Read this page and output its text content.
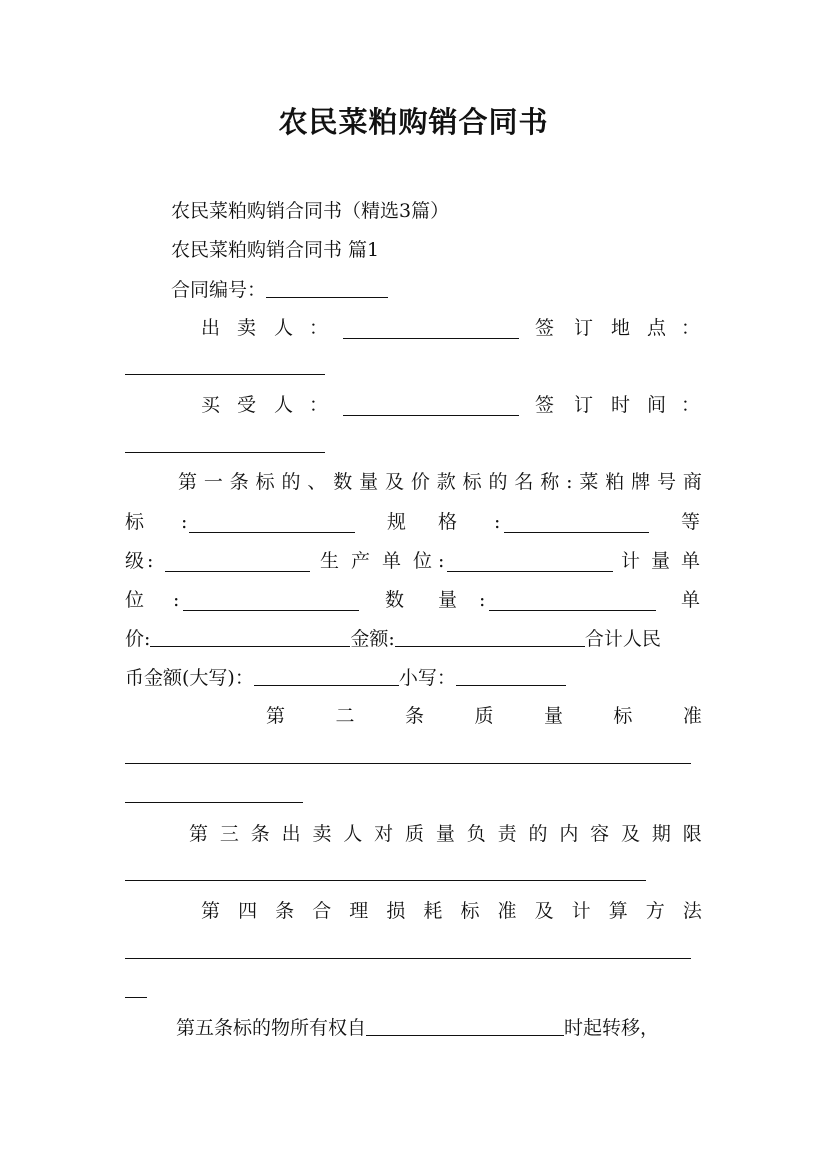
农民菜粕购销合同书
农民菜粕购销合同书（精选3篇）
农民菜粕购销合同书 篇1
合同编号：
出 卖 人 ：	签 订 地 点 ：
买 受 人 ：	签 订 时 间 ：
第 一 条 标 的 、 数 量 及 价 款 标 的 名 称 : 菜 粕 牌 号 商
标 :	规 格 :	等
级 :	生 产 单 位 :	计 量 单
位 :	数 量 :	单
价:	金额:	合计人民
币金额(大写)：	小写：
第	二	条	质	量	标	准
第 三 条 出 卖 人 对 质 量 负 责 的 内 容 及 期 限
第 四 条 合 理 损 耗 标 准 及 计 算 方 法
第五条标的物所有权自	时起转移，
